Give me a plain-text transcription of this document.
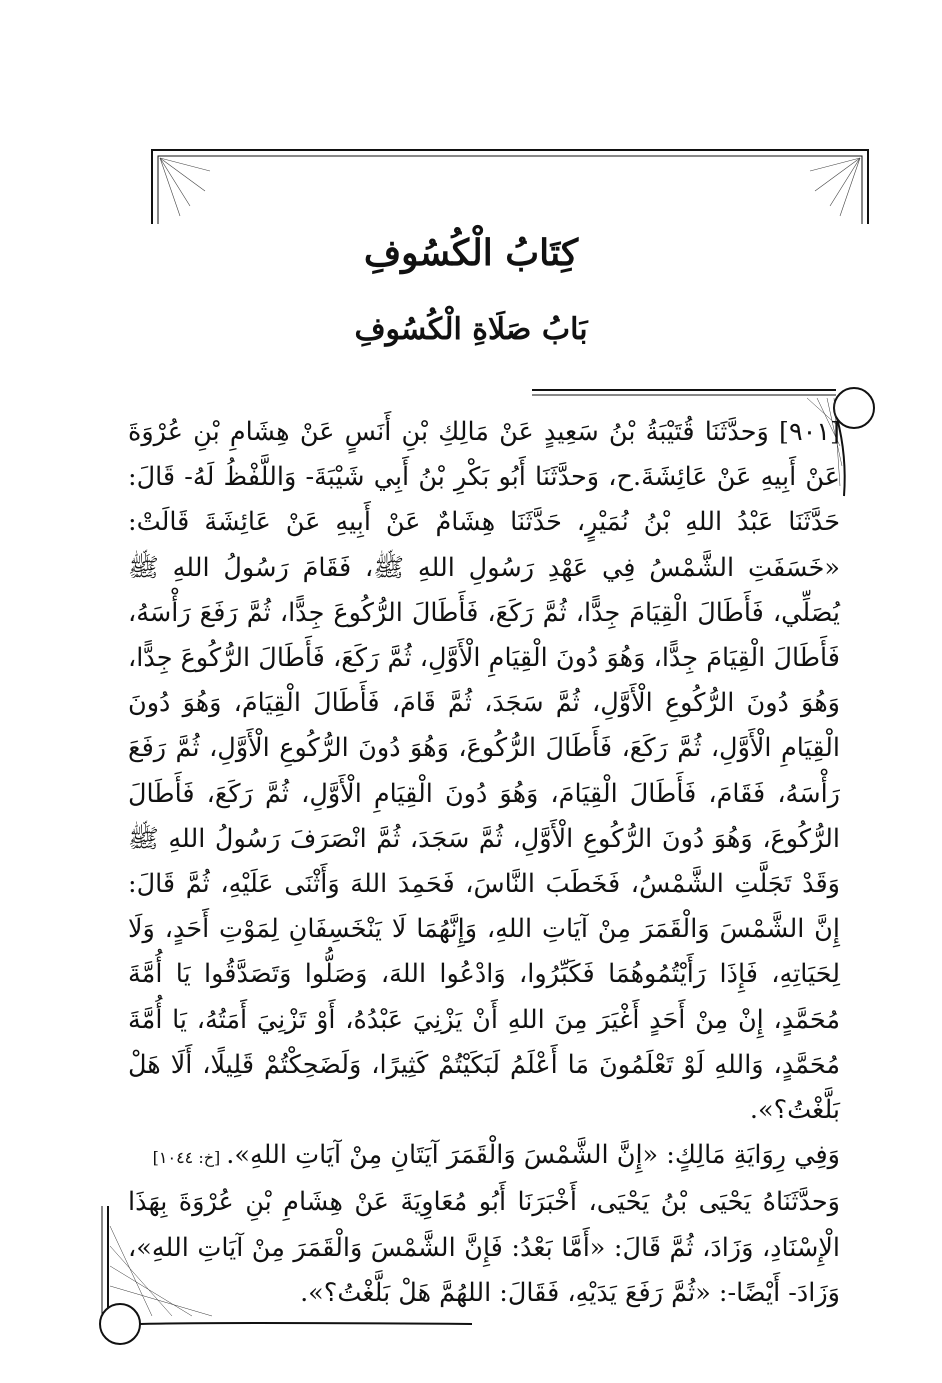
كِتَابُ الْكُسُوفِ
بَابُ صَلَاةِ الْكُسُوفِ

[٩٠١] وَحدَّثَنَا قُتَيْبَةُ بْنُ سَعِيدٍ عَنْ مَالِكِ بْنِ أَنَسٍ عَنْ هِشَامِ بْنِ عُرْوَةَ عَنْ أَبِيهِ عَنْ عَائِشَةَ.ح، وَحدَّثَنَا أَبُو بَكْرِ بْنُ أَبِي شَيْبَةَ- وَاللَّفْظُ لَهُ- قَالَ: حَدَّثَنَا عَبْدُ اللهِ بْنُ نُمَيْرٍ، حَدَّثَنَا هِشَامٌ عَنْ أَبِيهِ عَنْ عَائِشَةَ قَالَتْ: «خَسَفَتِ الشَّمْسُ فِي عَهْدِ رَسُولِ اللهِ ﷺ، فَقَامَ رَسُولُ اللهِ ﷺ يُصَلِّي، فَأَطَالَ الْقِيَامَ جِدًّا، ثُمَّ رَكَعَ، فَأَطَالَ الرُّكُوعَ جِدًّا، ثُمَّ رَفَعَ رَأْسَهُ، فَأَطَالَ الْقِيَامَ جِدًّا، وَهُوَ دُونَ الْقِيَامِ الْأَوَّلِ، ثُمَّ رَكَعَ، فَأَطَالَ الرُّكُوعَ جِدًّا، وَهُوَ دُونَ الرُّكُوعِ الْأَوَّلِ، ثُمَّ سَجَدَ، ثُمَّ قَامَ، فَأَطَالَ الْقِيَامَ، وَهُوَ دُونَ الْقِيَامِ الْأَوَّلِ، ثُمَّ رَكَعَ، فَأَطَالَ الرُّكُوعَ، وَهُوَ دُونَ الرُّكُوعِ الْأَوَّلِ، ثُمَّ رَفَعَ رَأْسَهُ، فَقَامَ، فَأَطَالَ الْقِيَامَ، وَهُوَ دُونَ الْقِيَامِ الْأَوَّلِ، ثُمَّ رَكَعَ، فَأَطَالَ الرُّكُوعَ، وَهُوَ دُونَ الرُّكُوعِ الْأَوَّلِ، ثُمَّ سَجَدَ، ثُمَّ انْصَرَفَ رَسُولُ اللهِ ﷺ وَقَدْ تَجَلَّتِ الشَّمْسُ، فَخَطَبَ النَّاسَ، فَحَمِدَ اللهَ وَأَثْنَى عَلَيْهِ، ثُمَّ قَالَ: إِنَّ الشَّمْسَ وَالْقَمَرَ مِنْ آيَاتِ اللهِ، وَإِنَّهُمَا لَا يَنْخَسِفَانِ لِمَوْتِ أَحَدٍ، وَلَا لِحَيَاتِهِ، فَإِذَا رَأَيْتُمُوهُمَا فَكَبِّرُوا، وَادْعُوا اللهَ، وَصَلُّوا وَتَصَدَّقُوا يَا أُمَّةَ مُحَمَّدٍ، إِنْ مِنْ أَحَدٍ أَغْيَرَ مِنَ اللهِ أَنْ يَزْنِيَ عَبْدُهُ، أَوْ تَزْنِيَ أَمَتُهُ، يَا أُمَّةَ مُحَمَّدٍ، وَاللهِ لَوْ تَعْلَمُونَ مَا أَعْلَمُ لَبَكَيْتُمْ كَثِيرًا، وَلَضَحِكْتُمْ قَلِيلًا، أَلَا هَلْ بَلَّغْتُ؟».

وَفِي رِوَايَةِ مَالِكٍ: «إِنَّ الشَّمْسَ وَالْقَمَرَ آيَتَانِ مِنْ آيَاتِ اللهِ».[خ: ١٠٤٤]

وَحدَّثَنَاهُ يَحْيَى بْنُ يَحْيَى، أَخْبَرَنَا أَبُو مُعَاوِيَةَ عَنْ هِشَامِ بْنِ عُرْوَةَ بِهَذَا الْإِسْنَادِ، وَزَادَ، ثُمَّ قَالَ: «أَمَّا بَعْدُ: فَإِنَّ الشَّمْسَ وَالْقَمَرَ مِنْ آيَاتِ اللهِ»، وَزَادَ- أَيْضًا-: «ثُمَّ رَفَعَ يَدَيْهِ، فَقَالَ: اللهُمَّ هَلْ بَلَّغْتُ؟».
